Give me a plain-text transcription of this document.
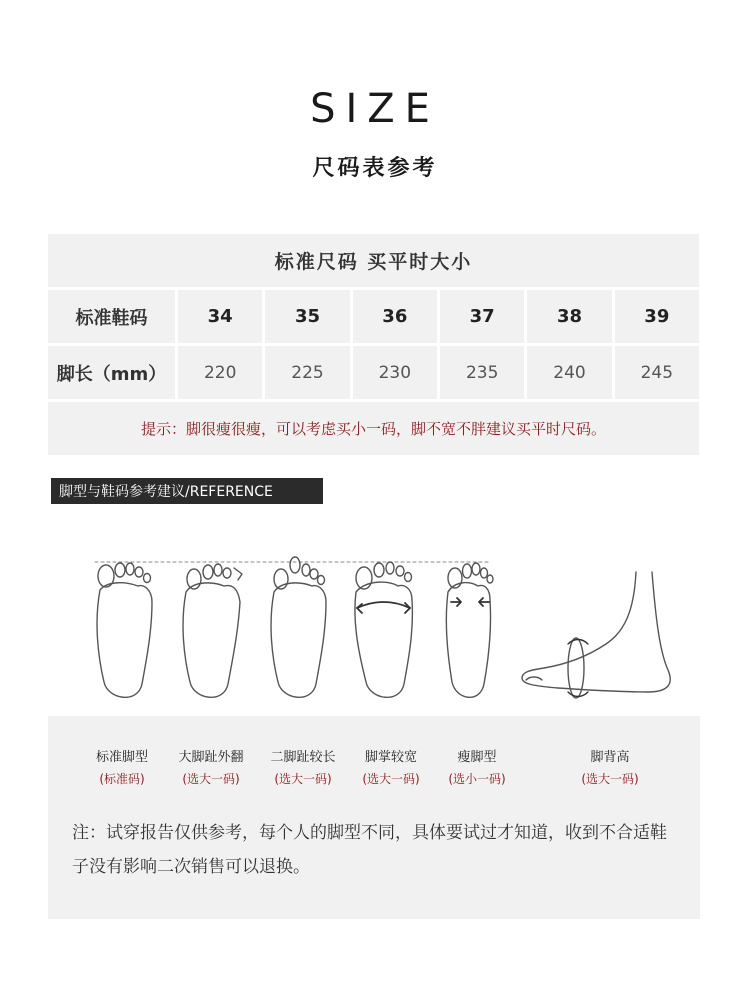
SIZE
尺码表参考
标准尺码 买平时大小
标准鞋码	34	35	36	37	38	39
脚长（mm）	220	225	230	235	240	245
提示：脚很瘦很瘦，可以考虑买小一码，脚不宽不胖建议买平时尺码。
脚型与鞋码参考建议/REFERENCE
标准脚型
(标准码)
大脚趾外翻
(选大一码)
二脚趾较长
(选大一码)
脚掌较宽
(选大一码)
瘦脚型
(选小一码)
脚背高
(选大一码)
注：试穿报告仅供参考，每个人的脚型不同，具体要试过才知道，收到不合适鞋子没有影响二次销售可以退换。
